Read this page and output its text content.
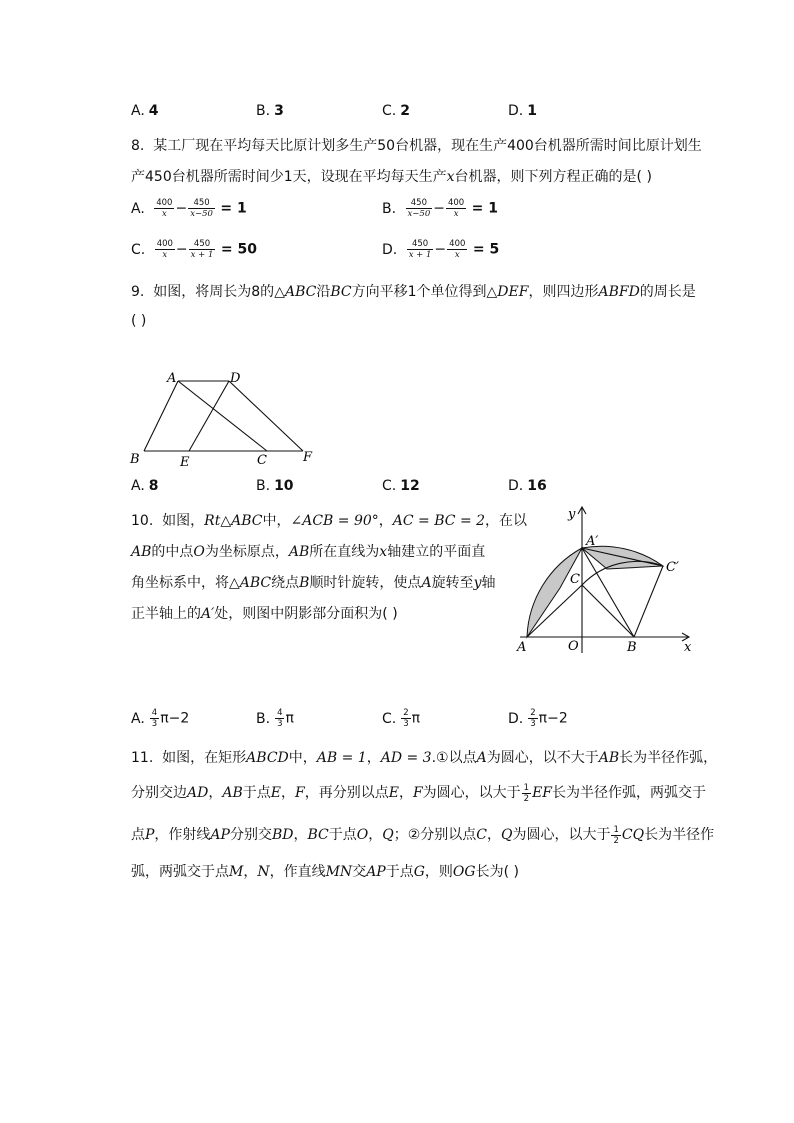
A. 4	B. 3	C. 2	D. 1
8. 某工厂现在平均每天比原计划多生产50台机器，现在生产400台机器所需时间比原计划生
产450台机器所需时间少1天，设现在平均每天生产x台机器，则下列方程正确的是( )
A. $\frac{400}{x} - \frac{450}{x-50} = 1$	B. $\frac{450}{x-50} - \frac{400}{x} = 1$
C. $\frac{400}{x} - \frac{450}{x + 1} = 50$	D. $\frac{450}{x + 1} - \frac{400}{x} = 5$
9. 如图，将周长为8的△ABC沿BC方向平移1个单位得到△DEF，则四边形ABFD的周长是
( )
A	D
B	E	C	F
A. 8	B. 10	C. 12	D. 16
10. 如图，Rt△ABC中，∠ACB = 90°，AC = BC = 2，在以
AB的中点O为坐标原点，AB所在直线为x轴建立的平面直
角坐标系中，将△ABC绕点B顺时针旋转，使点A旋转至y轴
正半轴上的A′处，则图中阴影部分面积为( )
y
x
A′
C′
C
A	O	B
A. $\frac{4}{3} \pi-2$	B. $\frac{4}{3}$ π	C. $\frac{2}{3}$ π	D. $\frac{2}{3} \pi-2$
11. 如图，在矩形ABCD中，AB = 1，AD = 3.①以点A为圆心，以不大于AB长为半径作弧，
分别交边AD，AB于点E，F，再分别以点E，F为圆心，以大于 $\frac{1}{2}$ EF长为半径作弧，两弧交于
点P，作射线AP分别交BD，BC于点O，Q；②分别以点C，Q为圆心，以大于 $\frac{1}{2}$ CQ长为半径作
弧，两弧交于点M，N，作直线MN交AP于点G，则OG长为( )
